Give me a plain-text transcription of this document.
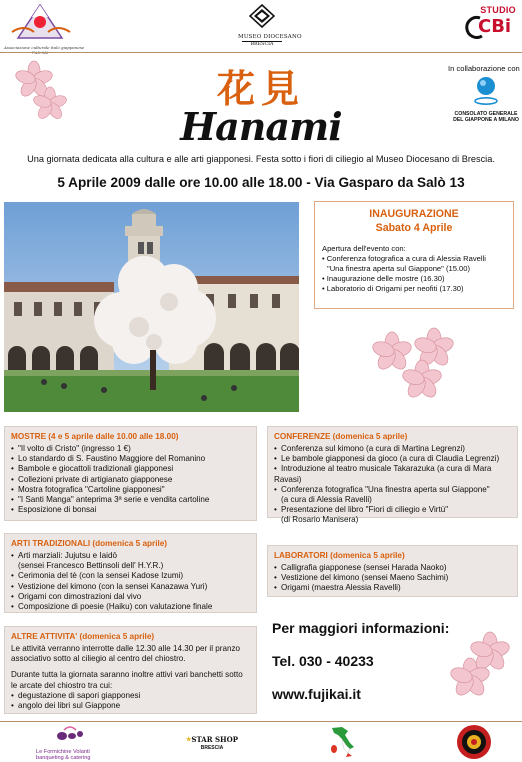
Associazione culturale italo giapponese
MUSEO DIOCESANO
BRESCIA
STUDIO
CBi
In collaborazione con
CONSOLATO GENERALE
DEL GIAPPONE A MILANO
花見
Hanami
Una giornata dedicata alla cultura e alle arti giapponesi. Festa sotto i fiori di ciliegio al Museo Diocesano di Brescia.
5 Aprile 2009 dalle ore 10.00 alle 18.00 - Via Gasparo da Salò 13
INAUGURAZIONE
Sabato 4 Aprile
Apertura dell'evento con:
• Conferenza fotografica a cura di Alessia Ravelli
"Una finestra aperta sul Giappone" (15.00)
• Inaugurazione delle mostre (16.30)
• Laboratorio di Origami per neofiti (17.30)
MOSTRE (4 e 5 aprile dalle 10.00 alle 18.00)
• "Il volto di Cristo" (ingresso 1 €)
• Lo standardo di S. Faustino Maggiore del Romanino
• Bambole e giocattoli tradizionali giapponesi
• Collezioni private di artigianato giapponese
• Mostra fotografica "Cartoline giapponesi"
• "I Santi Manga" anteprima 3ª serie e vendita cartoline
• Esposizione di bonsai
CONFERENZE (domenica 5 aprile)
• Conferenza sul kimono (a cura di Martina Legrenzi)
• Le bambole giapponesi da gioco (a cura di Claudia Legrenzi)
• Introduzione al teatro musicale Takarazuka (a cura di Mara Ravasi)
• Conferenza fotografica "Una finestra aperta sul Giappone"
(a cura di Alessia Ravelli)
• Presentazione del libro "Fiori di ciliegio e Virtù"
(di Rosario Manisera)
ARTI TRADIZIONALI (domenica 5 aprile)
• Arti marziali: Jujutsu e Iaidō
(sensei Francesco Bettinsoli dell' H.Y.R.)
• Cerimonia del tè (con la sensei Kadose Izumi)
• Vestizione del kimono (con la sensei Kanazawa Yuri)
• Origami con dimostrazioni dal vivo
• Composizione di poesie (Haiku) con valutazione finale
LABORATORI (domenica 5 aprile)
• Calligrafia giapponese (sensei Harada Naoko)
• Vestizione del kimono (sensei Maeno Sachimi)
• Origami (maestra Alessia Ravelli)
ALTRE ATTIVITA' (domenica 5 aprile)

Le attività verranno interrotte dalle 12.30 alle 14.30 per il pranzo associativo sotto al ciliegio al centro del chiostro.

Durante tutta la giornata saranno inoltre attivi vari banchetti sotto le arcate del chiostro tra cui:

• degustazione di sapori giapponesi
• angolo dei libri sul Giappone
Per maggiori informazioni:
Tel. 030 - 40233
www.fujikai.it
Le Formichine Volanti
banqueting & catering
STAR SHOP
BRESCIA
